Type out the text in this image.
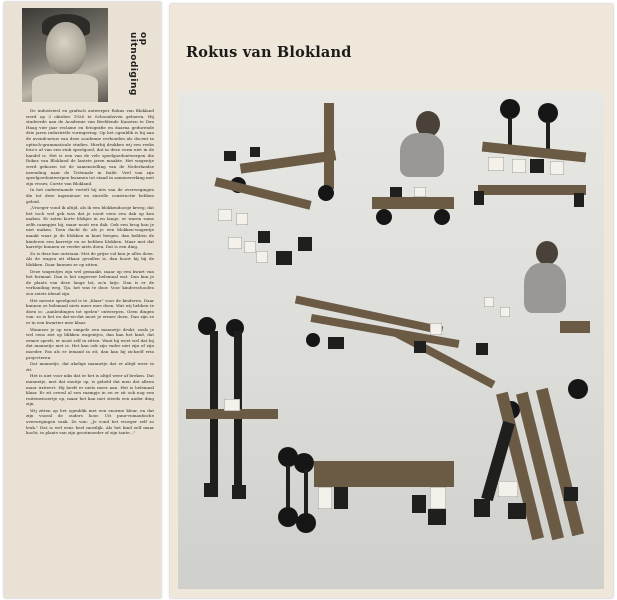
op uitnodiging

De industrieel en grafisch ontwerper Rokus van Blokland werd op 3 oktober 1926 te Schoonhoven geboren. Hij studeerde aan de Academie van Beeldende Kunsten te Den Haag vier jaar reclame en fotografie en daarna gedurende drie jaren industriële vormgeving. Op het ogenblik is hij aan de avondcursus van deze academie verbonden als docent in optisch-grammaticale studies. Hierbij drukken wij een reeks foto's af van een stuk speelgoed, dat in deze vorm niet in de handel is. Het is een van de vele speelgoedontwerpen die Rokus van Blokland de laatste jaren maakte. Het wagentje werd gekozen tot de samenstelling van de Nederlandse inzending naar de Triënnale in Italië. Veel van zijn speelgoedontwerpen kwamen tot stand in samenwerking met zijn vrouw, Corrie van Blokland.

In het onderstaande vertelt hij iets van de overwegingen die tot deze ingenieuze en zinvolle constructie hebben geleid.

„Vroeger vond ik altijd, als ik een blokkendoosje kreeg, dat het toch wel gek was dat je nooit eens een dak op kon maken. Er zaten korte blokjes in en lange, er waren soms zelfs raampjes bij, maar nooit een dak. Ook een brug kon je niet maken. Toen dacht ik: als je een blokken-wagentje maakt waar je de blokken in kunt bergen, dan hebben de kinderen een karretje en ze hebben blokken. Maar met dat karretje kunnen ze verder niets doen. Dat is een ding.

Zo is deze kar ontstaan. Met de grijze val kun je alles doen. Als de wagen uit elkaar gevallen is, dan hoort hij bij de blokken. Daar kunnen ze op zitten.

Deze wagentjes zijn wel gemaakt, maar op een kwart van het formaat. Dan is het ongeveer helemaal wat. Dan kun je de plaats van deze lange lat, zo'n latje. Dan is er de verbanding weg. Tja, het was te door. Voor kinderschoolen zou zoiets ideaal zijn.

Het meeste speelgoed is te „klaar" voor de kinderen. Daar kunnen ze helemaal niets meer mee doen. Wat wij hebben te doen is: „aanleidingen tot spelen" ontwerpen. Geen dingen van: zo is het en dat-en-dat moet je ermee doen. Dan zijn ze er in een kwartier mee klaar.

Wanneer je op een simpele een mannetje drukt, zoals je wel eens ziet op blikken wagentjes, dan kan het kind, dat ermee speelt, er nooit zelf in zitten. Want hij weet wel dat hij dat mannetje niet is. Het kan ook zijn vader niet zijn of zijn moeder. Pas als er iemand in zit, dan kan hij zichzelf erin projecteren.

Dat mannetje, dat akelige mannetje dat er altijd weer in zit.

Het is niet voor niks dat er het is altijd weer af breken. Dat mannetje, met dat snuitje op, is gebeld dat men dat alleen maar irriteert. Hij heeft er niets meer aan. Het is helemaal klaar. Er zit overal al een raampje in en er zit ook nog een ruitenwissertje op, maar het kan niet steeds een ander ding zijn.

Wij zitten op het ogenblik met een enorme kleur, en dat zijn vooral de ouders hoor. Uit puur-romantische overwegingen vaak. Ze van: „Je vond het vroeger zelf zo leuk." Dat is wel eens heel moeilijk. Als het kind zelf maar kocht, in plaats van zijn grootmoeder of zijn tante..."

Rokus van Blokland
